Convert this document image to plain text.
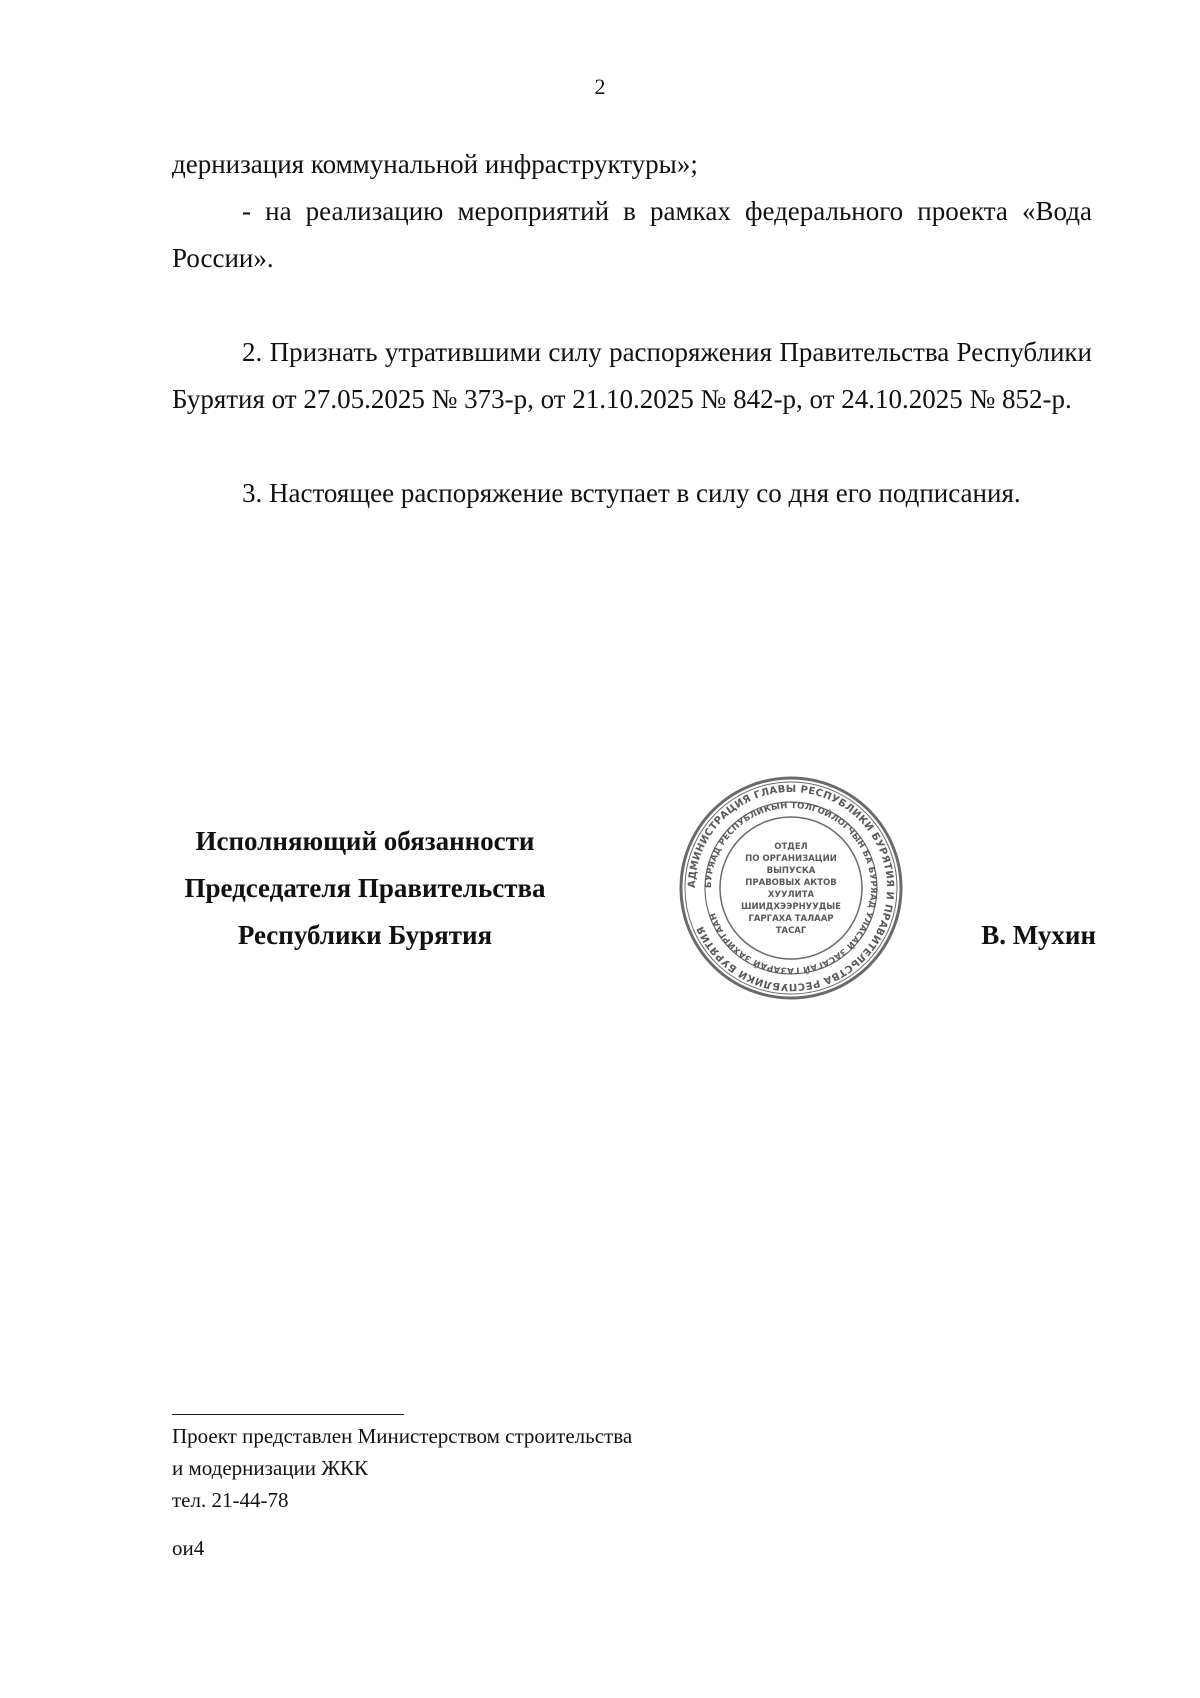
2

дернизация коммунальной инфраструктуры»;

- на реализацию мероприятий в рамках федерального проекта «Вода России».

2. Признать утратившими силу распоряжения Правительства Республики Бурятия от 27.05.2025 № 373-р, от 21.10.2025 № 842-р, от 24.10.2025 № 852-р.

3. Настоящее распоряжение вступает в силу со дня его подписания.

Исполняющий обязанности
Председателя Правительства
Республики Бурятия
АДМИНИСТРАЦИЯ ГЛАВЫ РЕСПУБЛИКИ БУРЯТИЯ И ПРАВИТЕЛЬСТВА РЕСПУБЛИКИ БУРЯТИЯ
БУРЯАД РЕСПУБЛИКЫН ТОЛГОЙЛОГЧЫН БА БУРЯАД УЛАСАЙ ЗАСАГАЙ ГАЗАРАЙ ЗАХИРГААН
ОТДЕЛ
ПО ОРГАНИЗАЦИИ
ВЫПУСКА
ПРАВОВЫХ АКТОВ
ХУУЛИТА
ШИИДХЭЭРНУУДЫЕ
ГАРГАХА ТАЛААР
ТАСАГ	В. Мухин
Проект представлен Министерством строительства
и модернизации ЖКК
тел. 21-44-78
ои4
